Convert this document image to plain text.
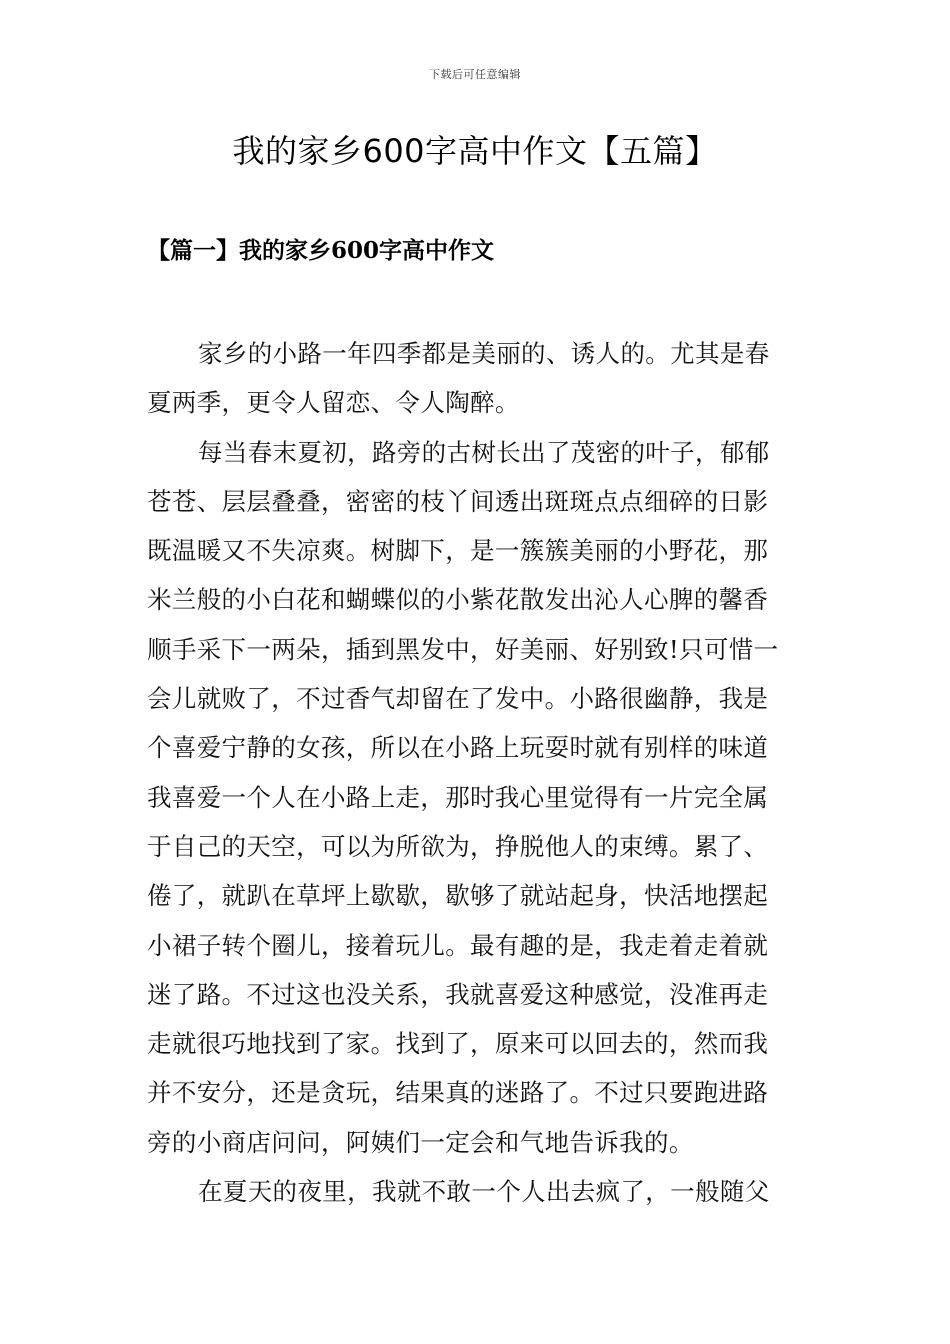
下载后可任意编辑
我的家乡600字高中作文【五篇】
【篇一】我的家乡600字高中作文
家乡的小路一年四季都是美丽的、诱人的。尤其是春
夏两季，更令人留恋、令人陶醉。
每当春末夏初，路旁的古树长出了茂密的叶子，郁郁
苍苍、层层叠叠，密密的枝丫间透出斑斑点点细碎的日影
既温暖又不失凉爽。树脚下，是一簇簇美丽的小野花，那
米兰般的小白花和蝴蝶似的小紫花散发出沁人心脾的馨香
顺手采下一两朵，插到黑发中，好美丽、好别致!只可惜一
会儿就败了，不过香气却留在了发中。小路很幽静，我是
个喜爱宁静的女孩，所以在小路上玩耍时就有别样的味道
我喜爱一个人在小路上走，那时我心里觉得有一片完全属
于自己的天空，可以为所欲为，挣脱他人的束缚。累了、
倦了，就趴在草坪上歇歇，歇够了就站起身，快活地摆起
小裙子转个圈儿，接着玩儿。最有趣的是，我走着走着就
迷了路。不过这也没关系，我就喜爱这种感觉，没准再走
走就很巧地找到了家。找到了，原来可以回去的，然而我
并不安分，还是贪玩，结果真的迷路了。不过只要跑进路
旁的小商店问问，阿姨们一定会和气地告诉我的。
在夏天的夜里，我就不敢一个人出去疯了，一般随父
